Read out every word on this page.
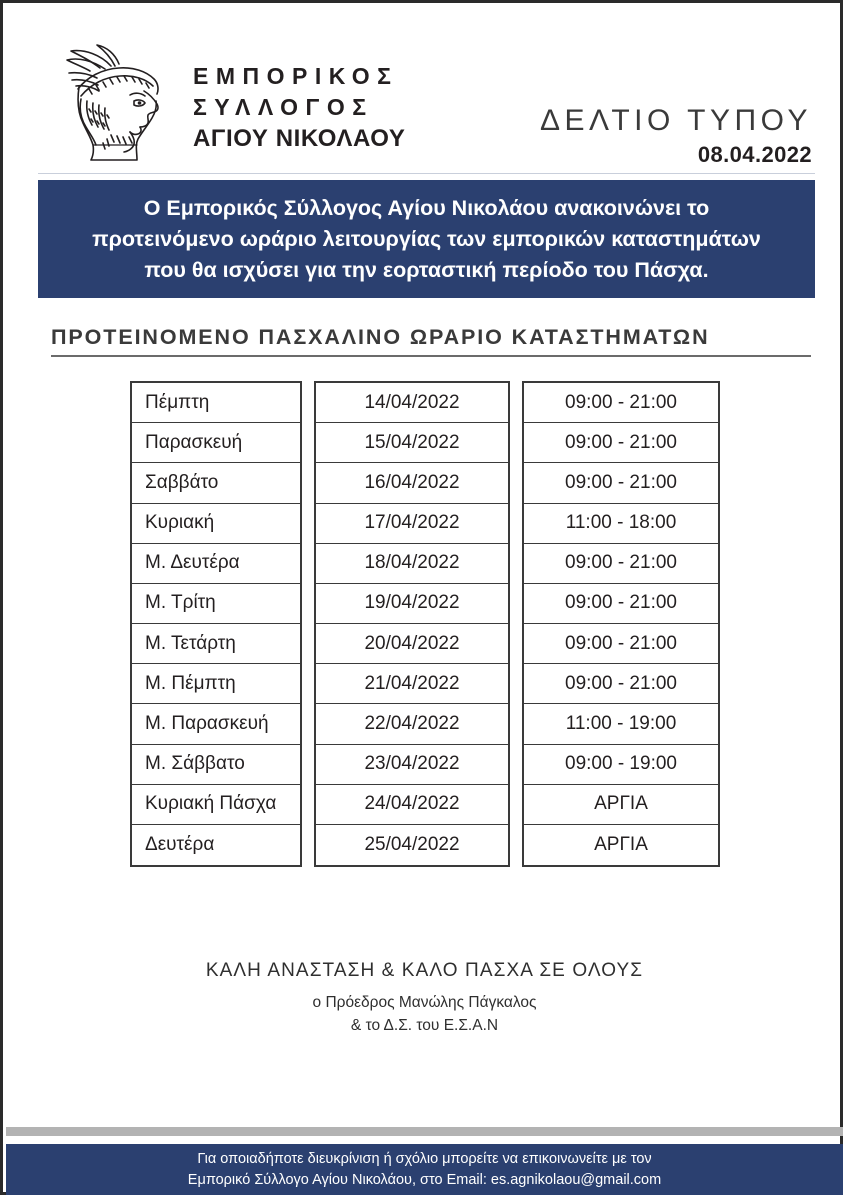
ΕΜΠΟΡΙΚΟΣ
ΣΥΛΛΟΓΟΣ
ΑΓΙΟΥ ΝΙΚΟΛΑΟΥ
ΔΕΛΤΙΟ ΤΥΠΟΥ
08.04.2022
Ο Εμπορικός Σύλλογος Αγίου Νικολάου ανακοινώνει το
προτεινόμενο ωράριο λειτουργίας των εμπορικών καταστημάτων
που θα ισχύσει για την εορταστική περίοδο του Πάσχα.
ΠΡΟΤΕΙΝΟΜΕΝΟ ΠΑΣΧΑΛΙΝΟ ΩΡΑΡΙΟ ΚΑΤΑΣΤΗΜΑΤΩΝ
Πέμπτη
Παρασκευή
Σαββάτο
Κυριακή
Μ. Δευτέρα
Μ. Τρίτη
Μ. Τετάρτη
Μ. Πέμπτη
Μ. Παρασκευή
Μ. Σάββατο
Κυριακή Πάσχα
Δευτέρα
14/04/2022
15/04/2022
16/04/2022
17/04/2022
18/04/2022
19/04/2022
20/04/2022
21/04/2022
22/04/2022
23/04/2022
24/04/2022
25/04/2022
09:00 - 21:00
09:00 - 21:00
09:00 - 21:00
11:00 - 18:00
09:00 - 21:00
09:00 - 21:00
09:00 - 21:00
09:00 - 21:00
11:00 - 19:00
09:00 - 19:00
ΑΡΓΙΑ
ΑΡΓΙΑ
ΚΑΛΗ ΑΝΑΣΤΑΣΗ & ΚΑΛΟ ΠΑΣΧΑ ΣΕ ΟΛΟΥΣ
ο Πρόεδρος Μανώλης Πάγκαλος
& το Δ.Σ. του Ε.Σ.Α.Ν
Για οποιαδήποτε διευκρίνιση ή σχόλιο μπορείτε να επικοινωνείτε με τον
Εμπορικό Σύλλογο Αγίου Νικολάου, στο Email: es.agnikolaou@gmail.com
